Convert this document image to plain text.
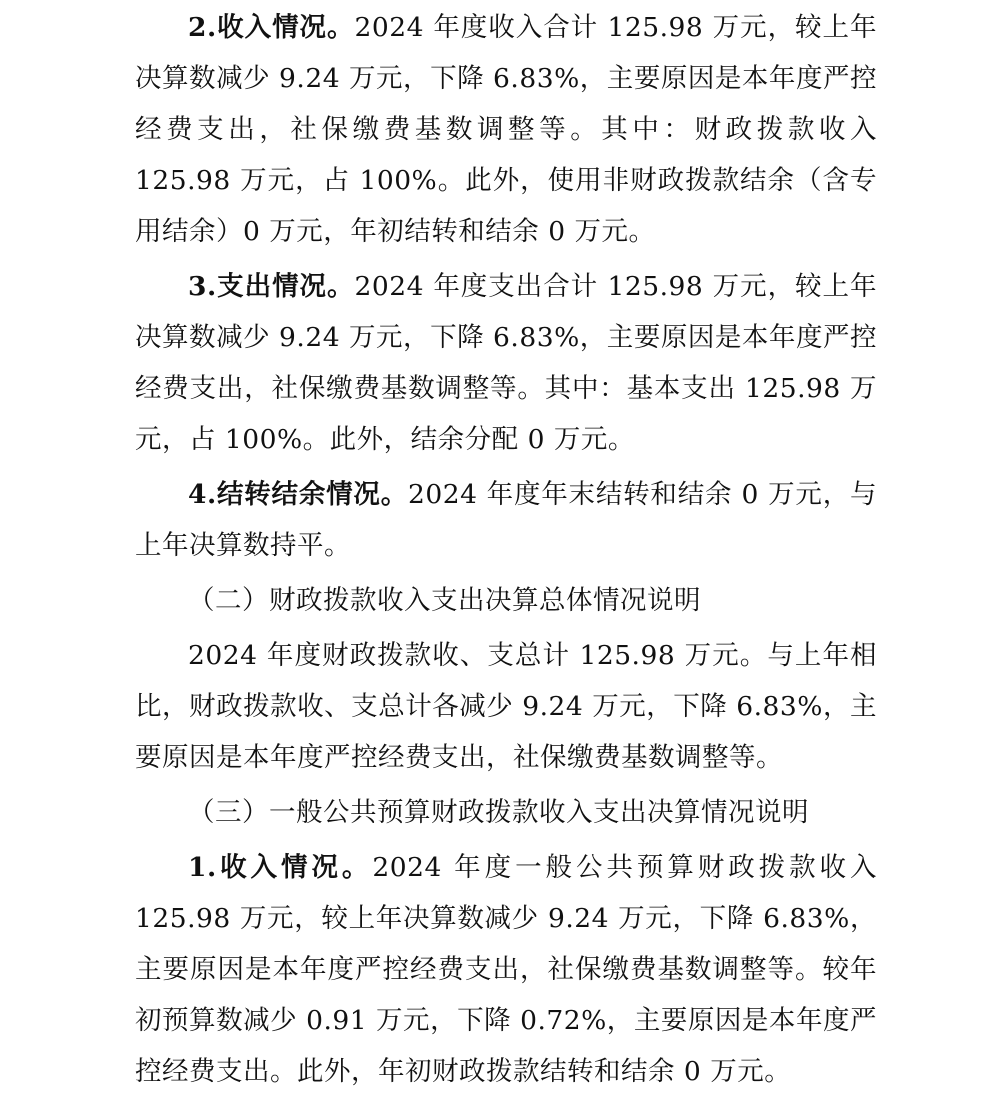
2.收入情况。2024 年度收入合计 125.98 万元，较上年决算数减少 9.24 万元，下降 6.83%，主要原因是本年度严控经费支出，社保缴费基数调整等。其中：财政拨款收入 125.98 万元，占 100%。此外，使用非财政拨款结余（含专用结余）0 万元，年初结转和结余 0 万元。

3.支出情况。2024 年度支出合计 125.98 万元，较上年决算数减少 9.24 万元，下降 6.83%，主要原因是本年度严控经费支出，社保缴费基数调整等。其中：基本支出 125.98 万元，占 100%。此外，结余分配 0 万元。

4.结转结余情况。2024 年度年末结转和结余 0 万元，与上年决算数持平。

（二）财政拨款收入支出决算总体情况说明

2024 年度财政拨款收、支总计 125.98 万元。与上年相比，财政拨款收、支总计各减少 9.24 万元，下降 6.83%，主要原因是本年度严控经费支出，社保缴费基数调整等。

（三）一般公共预算财政拨款收入支出决算情况说明

1.收入情况。2024 年度一般公共预算财政拨款收入 125.98 万元，较上年决算数减少 9.24 万元，下降 6.83%，主要原因是本年度严控经费支出，社保缴费基数调整等。较年初预算数减少 0.91 万元，下降 0.72%，主要原因是本年度严控经费支出。此外，年初财政拨款结转和结余 0 万元。
